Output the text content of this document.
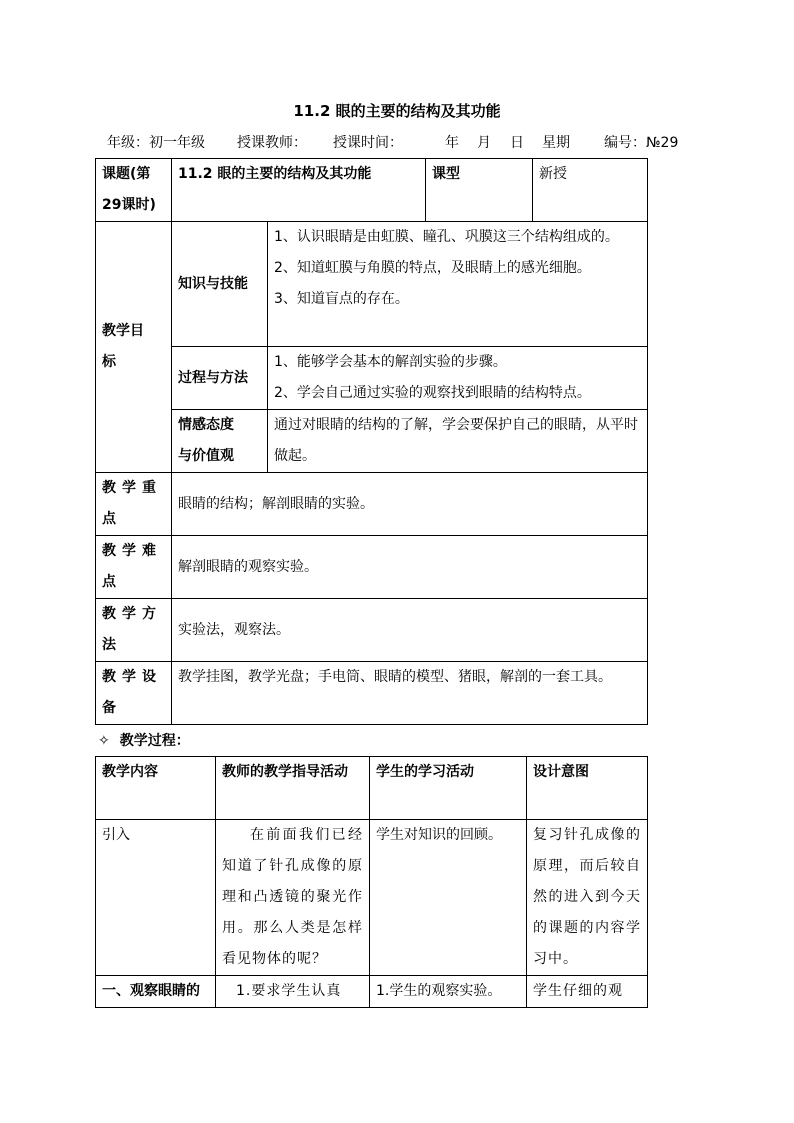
11.2 眼的主要的结构及其功能
年级：初一年级 授课教师： 授课时间：	年 月 日 星期 编号：№29
课题(第29课时)	11.2 眼的主要的结构及其功能		课型	新授
教学目标	知识与技能	1、认识眼睛是由虹膜、瞳孔、巩膜这三个结构组成的。
2、知道虹膜与角膜的特点，及眼睛上的感光细胞。
3、知道盲点的存在。		

	过程与方法	1、能够学会基本的解剖实验的步骤。
2、学会自己通过实验的观察找到眼睛的结构特点。		

	情感态度与价值观	通过对眼睛的结构的了解，学会要保护自己的眼睛，从平时做起。		
教学重点	眼睛的结构；解剖眼睛的实验。			
教学难点	解剖眼睛的观察实验。			
教学方法	实验法，观察法。			
教学设备	教学挂图，教学光盘；手电筒、眼睛的模型、猪眼，解剖的一套工具。			
✧ 教学过程：
教学内容	教师的教学指导活动	学生的学习活动	设计意图
引入	在前面我们已经知道了针孔成像的原理和凸透镜的聚光作用。那么人类是怎样看见物体的呢？	学生对知识的回顾。	复习针孔成像的原理，而后较自然的进入到今天的课题的内容学习中。
一、观察眼睛的	1.要求学生认真	1.学生的观察实验。	学生仔细的观
